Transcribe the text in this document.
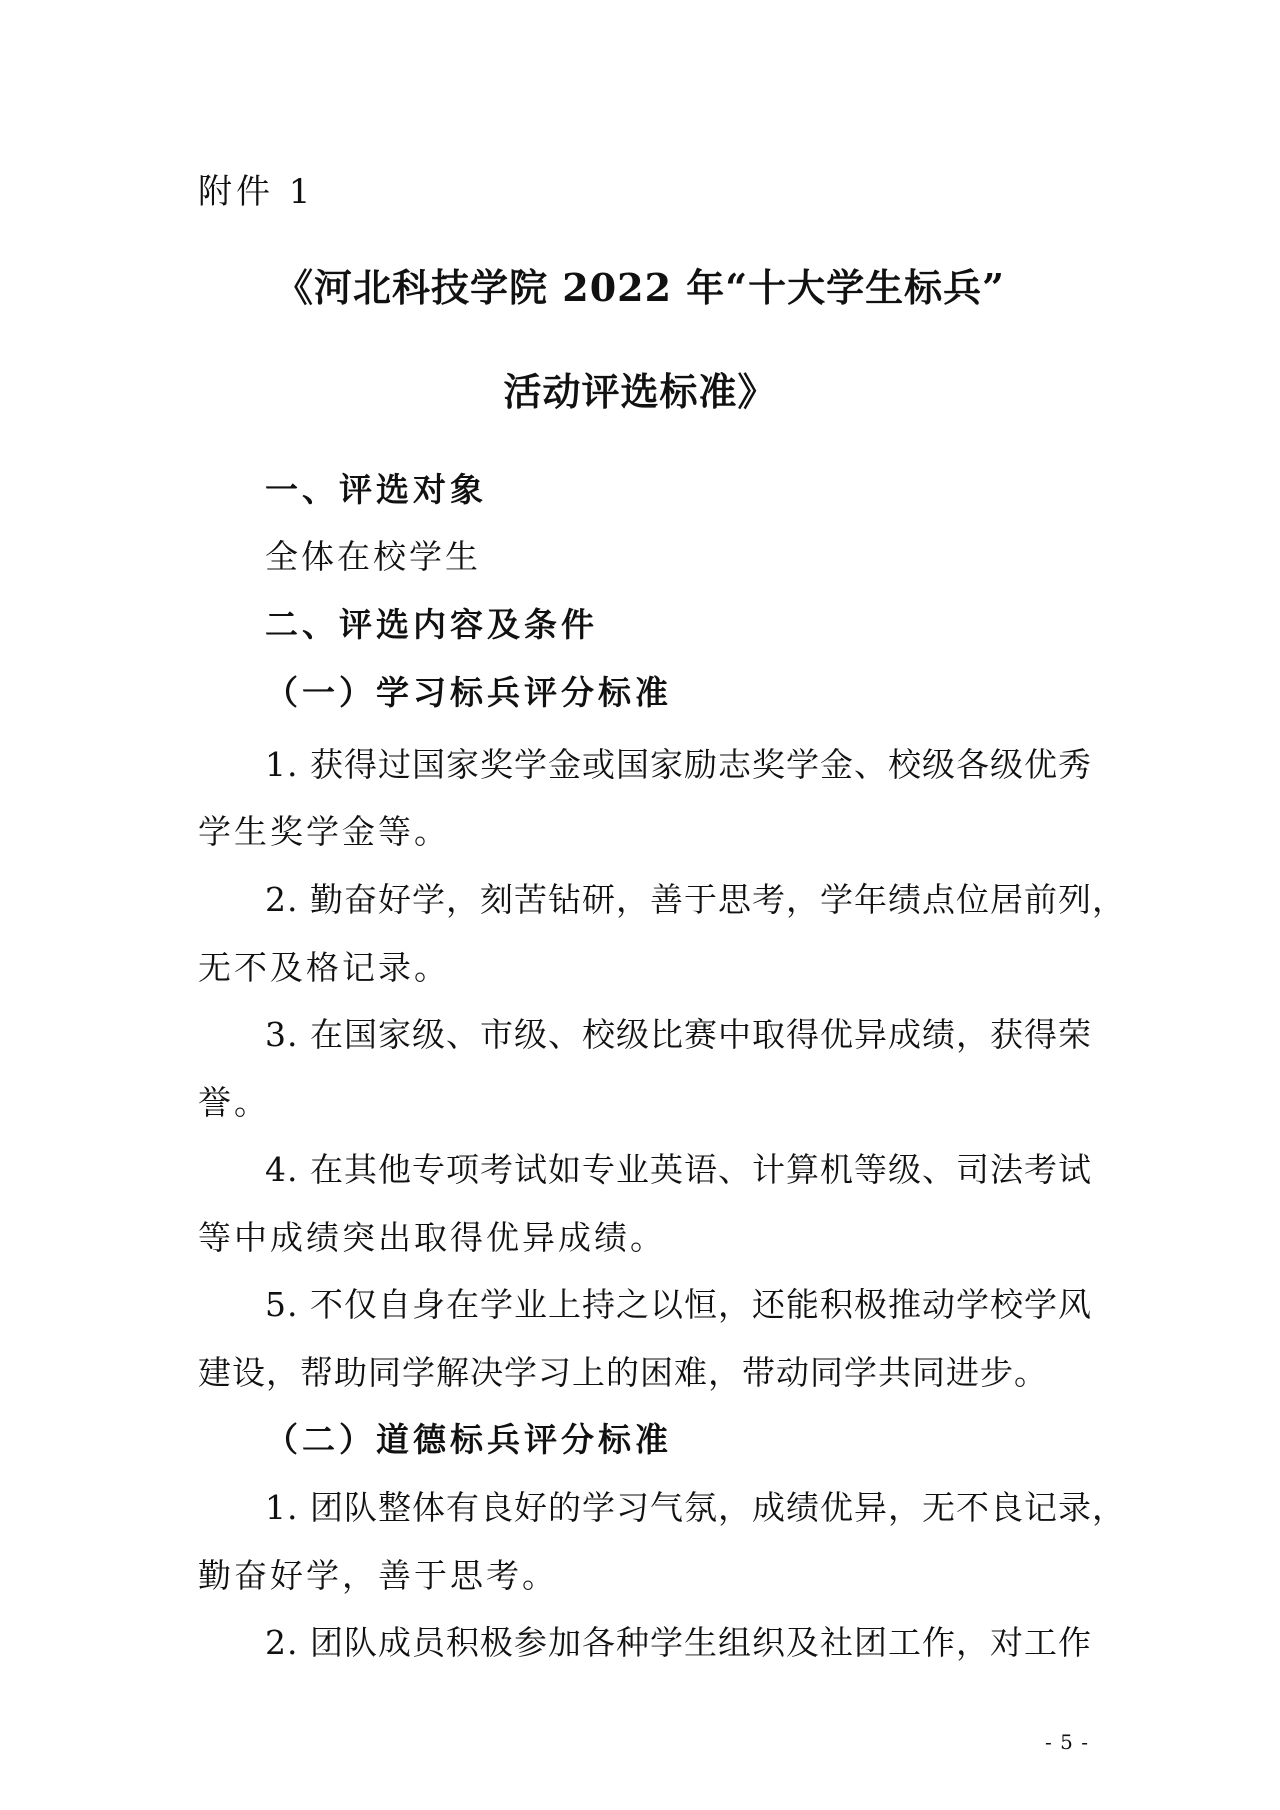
附件 1
《河北科技学院 2022 年“十大学生标兵”
活动评选标准》
一、评选对象
全体在校学生
二、评选内容及条件
（一）学习标兵评分标准
1. 获得过国家奖学金或国家励志奖学金、校级各级优秀
学生奖学金等。
2. 勤奋好学，刻苦钻研，善于思考，学年绩点位居前列，
无不及格记录。
3. 在国家级、市级、校级比赛中取得优异成绩，获得荣
誉。
4. 在其他专项考试如专业英语、计算机等级、司法考试
等中成绩突出取得优异成绩。
5. 不仅自身在学业上持之以恒，还能积极推动学校学风
建设，帮助同学解决学习上的困难，带动同学共同进步。
（二）道德标兵评分标准
1. 团队整体有良好的学习气氛，成绩优异，无不良记录，
勤奋好学，善于思考。
2. 团队成员积极参加各种学生组织及社团工作，对工作
- 5 -
